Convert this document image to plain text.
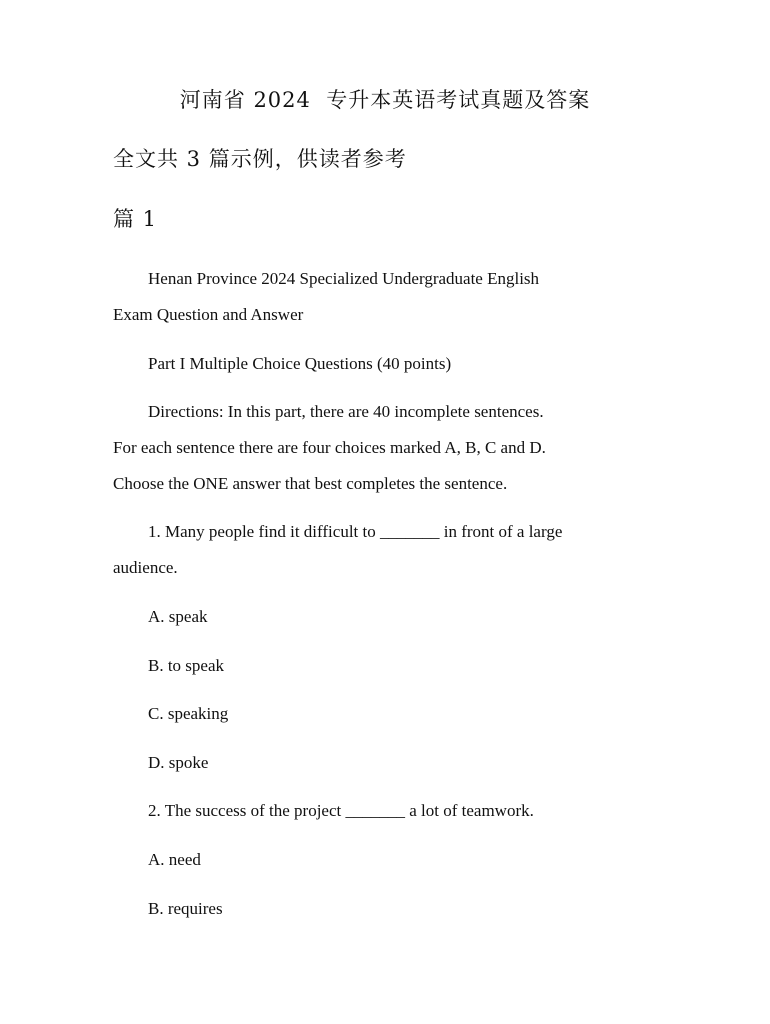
河南省 2024  专升本英语考试真题及答案
全文共 3 篇示例，供读者参考
篇 1
Henan Province 2024 Specialized Undergraduate English
Exam Question and Answer
Part I Multiple Choice Questions (40 points)
Directions: In this part, there are 40 incomplete sentences.
For each sentence there are four choices marked A, B, C and D.
Choose the ONE answer that best completes the sentence.
1. Many people find it difficult to _______ in front of a large
audience.
A. speak
B. to speak
C. speaking
D. spoke
2. The success of the project _______ a lot of teamwork.
A. need
B. requires
